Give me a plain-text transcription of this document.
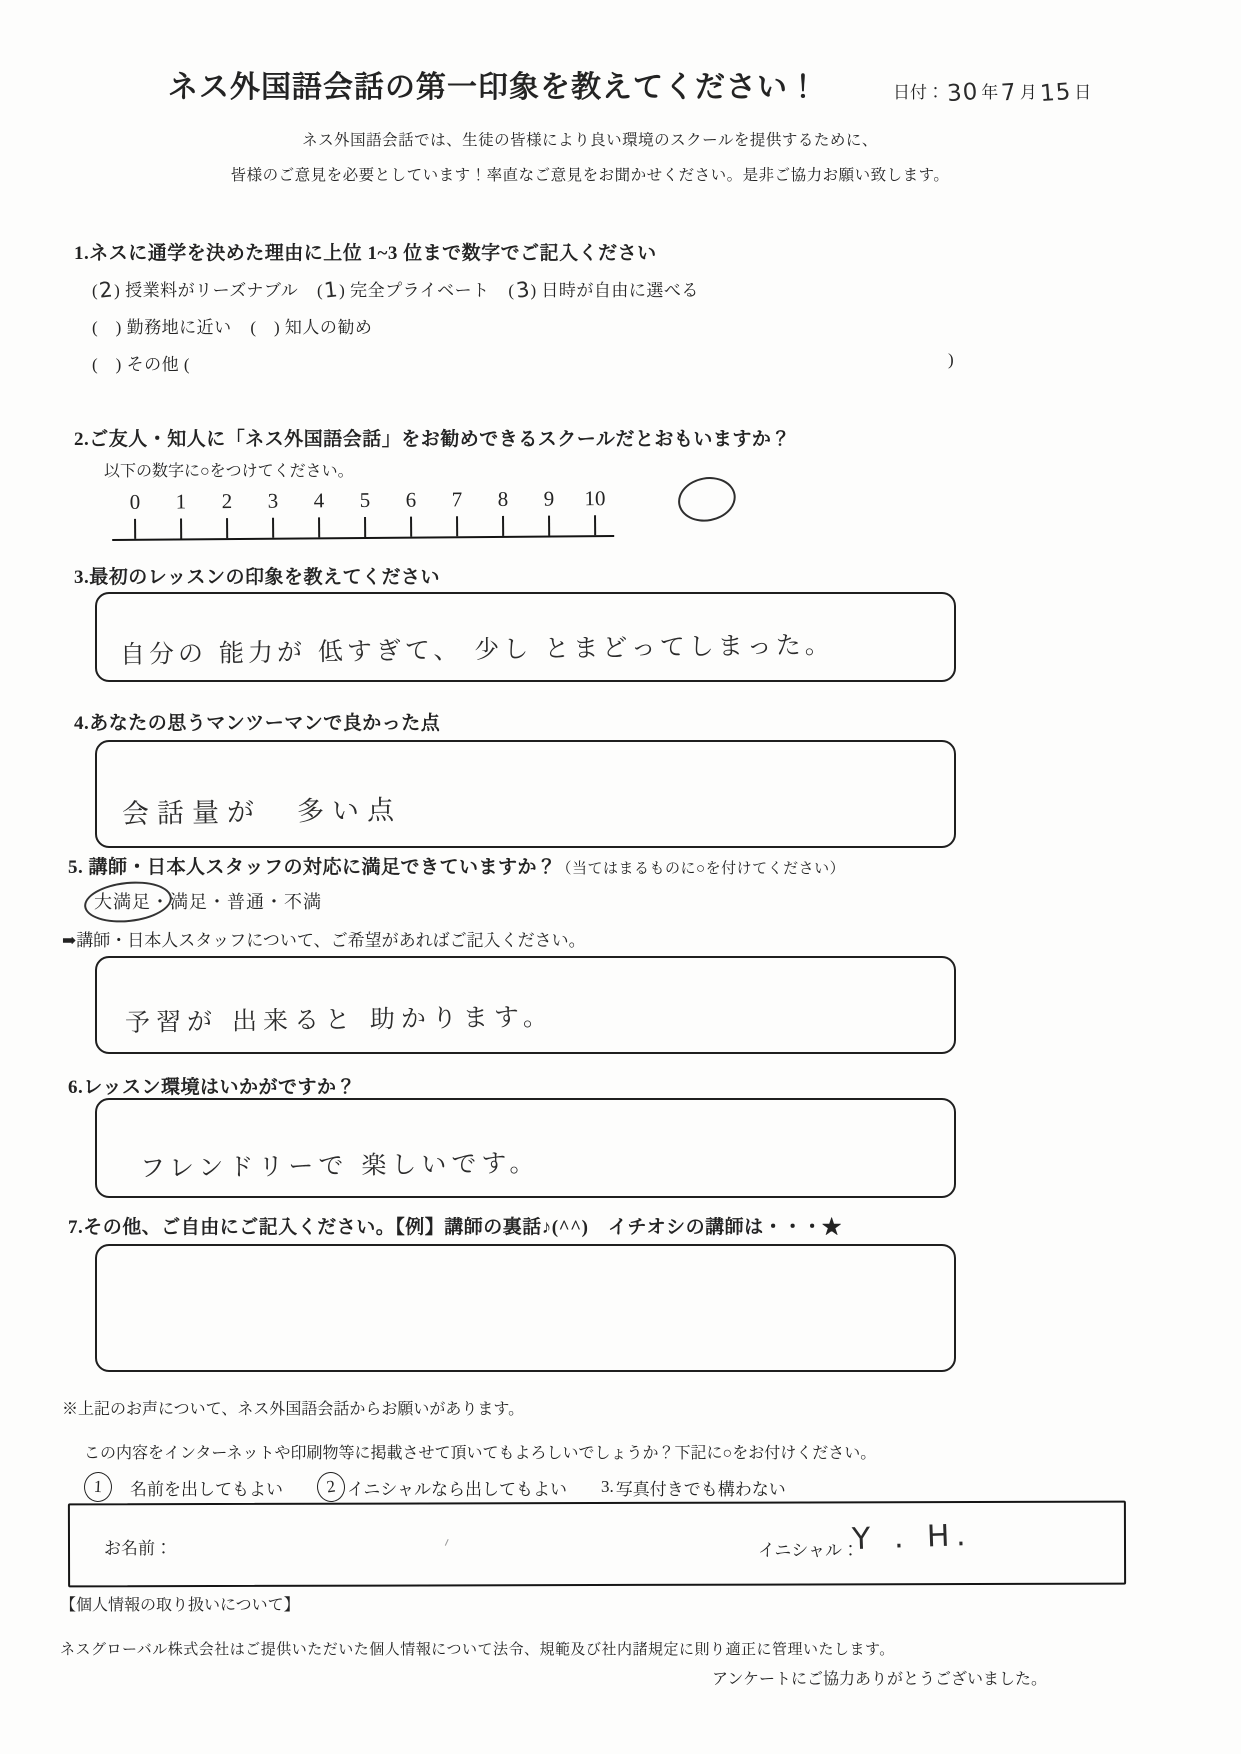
ネス外国語会話の第一印象を教えてください！	日付：30 年7 月15 日
ネス外国語会話では、生徒の皆様により良い環境のスクールを提供するために、
皆様のご意見を必要としています！率直なご意見をお聞かせください。是非ご協力お願い致します。
1.ネスに通学を決めた理由に上位 1~3 位まで数字でご記入ください
(2) 授業料がリーズナブル (1) 完全プライベート (3) 日時が自由に選べる
(　) 勤務地に近い (　) 知人の勧め
(　) その他 (	)
2.ご友人・知人に「ネス外国語会話」をお勧めできるスクールだとおもいますか？
以下の数字に○をつけてください。
0	1	2	3	4	5	6	7	8	9	10
3.最初のレッスンの印象を教えてください
自分の 能力が 低すぎて、 少し とまどってしまった。
4.あなたの思うマンツーマンで良かった点
会話量が　多い点
5. 講師・日本人スタッフの対応に満足できていますか？（当てはまるものに○を付けてください）
大満足・満足・普通・不満
➡講師・日本人スタッフについて、ご希望があればご記入ください。
予習が 出来ると 助かります。
6.レッスン環境はいかがですか？
フレンドリーで 楽しいです。
7.その他、ご自由にご記入ください。【例】講師の裏話♪(^^)　イチオシの講師は・・・★
※上記のお声について、ネス外国語会話からお願いがあります。
この内容をインターネットや印刷物等に掲載させて頂いてもよろしいでしょうか？下記に○をお付けください。
1	名前を出してもよい	2 イニシャルなら出してもよい 3. 写真付きでも構わない
お名前：	イニシャル：
Y . H.
【個人情報の取り扱いについて】
ネスグローバル株式会社はご提供いただいた個人情報について法令、規範及び社内諸規定に則り適正に管理いたします。
アンケートにご協力ありがとうございました。
